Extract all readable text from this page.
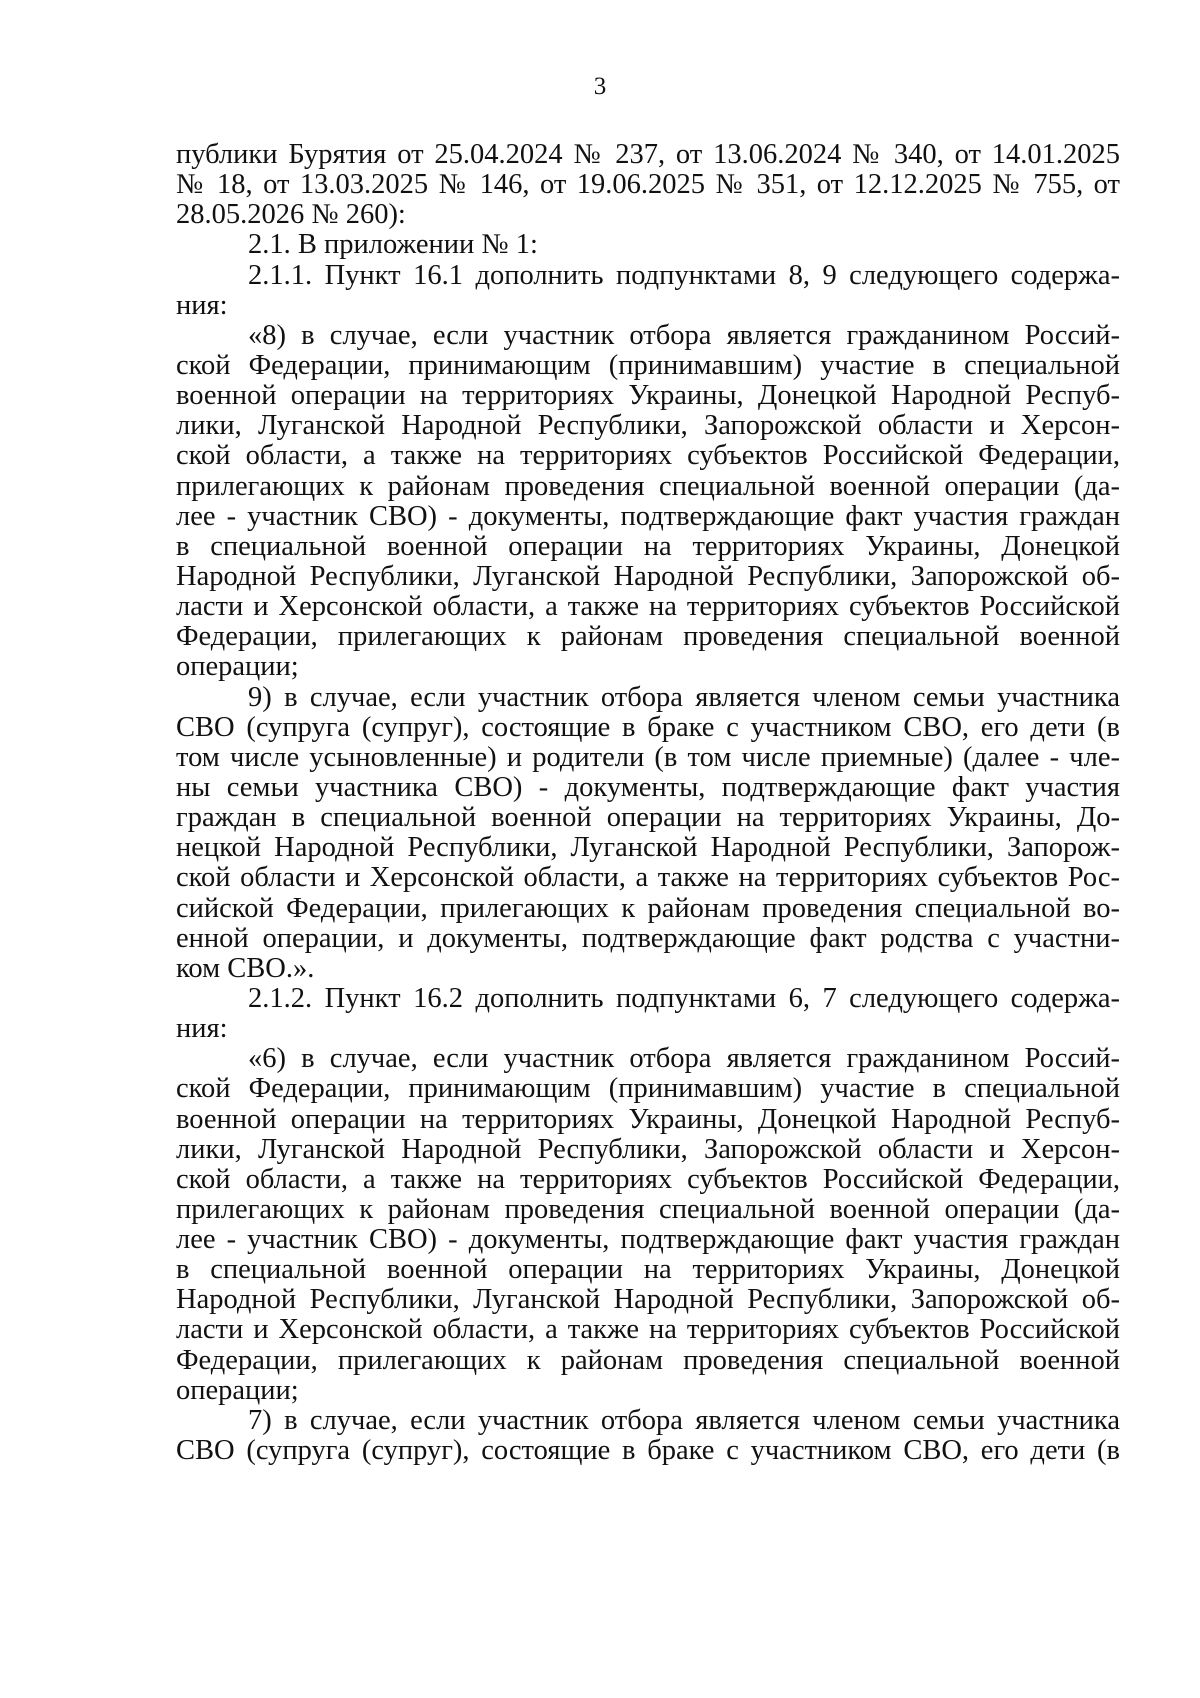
3
публики Бурятия от 25.04.2024 № 237, от 13.06.2024 № 340, от 14.01.2025
№ 18, от 13.03.2025 № 146, от 19.06.2025 № 351, от 12.12.2025 № 755, от
28.05.2026 № 260):
2.1. В приложении № 1:
2.1.1. Пункт 16.1 дополнить подпунктами 8, 9 следующего содержа-
ния:
«8) в случае, если участник отбора является гражданином Россий-
ской Федерации, принимающим (принимавшим) участие в специальной
военной операции на территориях Украины, Донецкой Народной Респуб-
лики, Луганской Народной Республики, Запорожской области и Херсон-
ской области, а также на территориях субъектов Российской Федерации,
прилегающих к районам проведения специальной военной операции (да-
лее - участник СВО) - документы, подтверждающие факт участия граждан
в специальной военной операции на территориях Украины, Донецкой
Народной Республики, Луганской Народной Республики, Запорожской об-
ласти и Херсонской области, а также на территориях субъектов Российской
Федерации, прилегающих к районам проведения специальной военной
операции;
9) в случае, если участник отбора является членом семьи участника
СВО (супруга (супруг), состоящие в браке с участником СВО, его дети (в
том числе усыновленные) и родители (в том числе приемные) (далее - чле-
ны семьи участника СВО) - документы, подтверждающие факт участия
граждан в специальной военной операции на территориях Украины, До-
нецкой Народной Республики, Луганской Народной Республики, Запорож-
ской области и Херсонской области, а также на территориях субъектов Рос-
сийской Федерации, прилегающих к районам проведения специальной во-
енной операции, и документы, подтверждающие факт родства с участни-
ком СВО.».
2.1.2. Пункт 16.2 дополнить подпунктами 6, 7 следующего содержа-
ния:
«6) в случае, если участник отбора является гражданином Россий-
ской Федерации, принимающим (принимавшим) участие в специальной
военной операции на территориях Украины, Донецкой Народной Респуб-
лики, Луганской Народной Республики, Запорожской области и Херсон-
ской области, а также на территориях субъектов Российской Федерации,
прилегающих к районам проведения специальной военной операции (да-
лее - участник СВО) - документы, подтверждающие факт участия граждан
в специальной военной операции на территориях Украины, Донецкой
Народной Республики, Луганской Народной Республики, Запорожской об-
ласти и Херсонской области, а также на территориях субъектов Российской
Федерации, прилегающих к районам проведения специальной военной
операции;
7) в случае, если участник отбора является членом семьи участника
СВО (супруга (супруг), состоящие в браке с участником СВО, его дети (в
